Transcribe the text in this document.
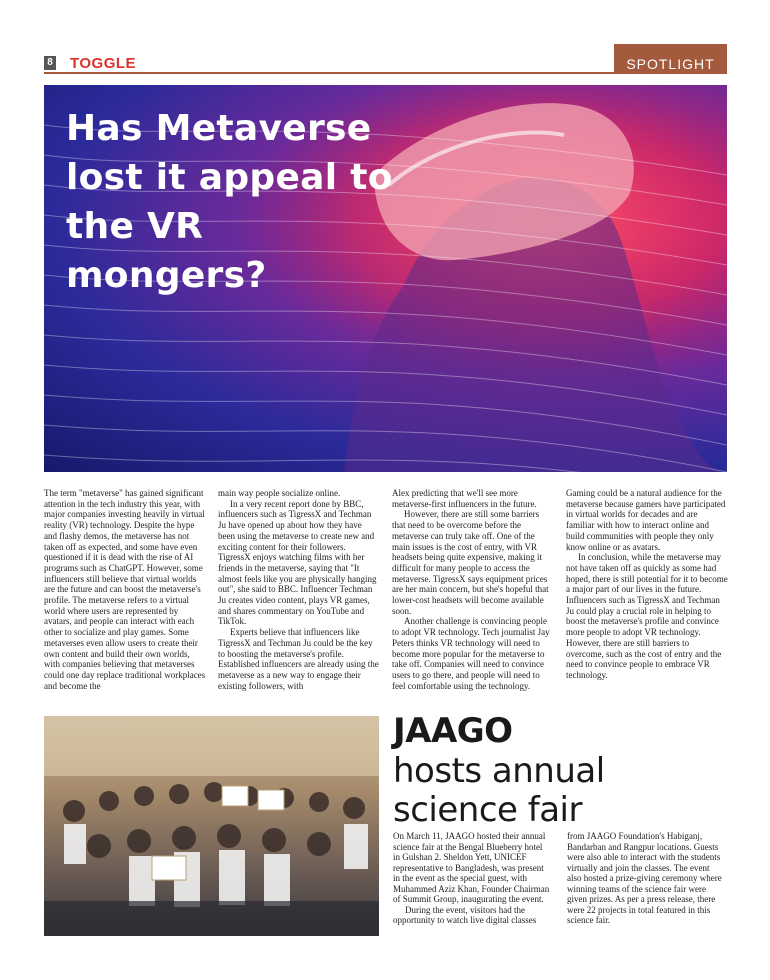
8 TOGGLE	SPOTLIGHT
Has Metaverse lost it appeal to the VR mongers?

The term "metaverse" has gained significant attention in the tech industry this year, with major companies investing heavily in virtual reality (VR) technology. Despite the hype and flashy demos, the metaverse has not taken off as expected, and some have even questioned if it is dead with the rise of AI programs such as ChatGPT. However, some influencers still believe that virtual worlds are the future and can boost the metaverse's profile. The metaverse refers to a virtual world where users are represented by avatars, and people can interact with each other to socialize and play games. Some metaverses even allow users to create their own content and build their own worlds, with companies believing that metaverses could one day replace traditional workplaces and become the

main way people socialize online.

In a very recent report done by BBC, influencers such as TigressX and Techman Ju have opened up about how they have been using the metaverse to create new and exciting content for their followers. TigressX enjoys watching films with her friends in the metaverse, saying that "It almost feels like you are physically hanging out", she said to BBC. Influencer Techman Ju creates video content, plays VR games, and shares commentary on YouTube and TikTok.

Experts believe that influencers like TigressX and Techman Ju could be the key to boosting the metaverse's profile. Established influencers are already using the metaverse as a new way to engage their existing followers, with

Alex predicting that we'll see more metaverse-first influencers in the future.

However, there are still some barriers that need to be overcome before the metaverse can truly take off. One of the main issues is the cost of entry, with VR headsets being quite expensive, making it difficult for many people to access the metaverse. TigressX says equipment prices are her main concern, but she's hopeful that lower-cost headsets will become available soon.

Another challenge is convincing people to adopt VR technology. Tech journalist Jay Peters thinks VR technology will need to become more popular for the metaverse to take off. Companies will need to convince users to go there, and people will need to feel comfortable using the technology.

Gaming could be a natural audience for the metaverse because gamers have participated in virtual worlds for decades and are familiar with how to interact online and build communities with people they only know online or as avatars.

In conclusion, while the metaverse may not have taken off as quickly as some had hoped, there is still potential for it to become a major part of our lives in the future. Influencers such as TigressX and Techman Ju could play a crucial role in helping to boost the metaverse's profile and convince more people to adopt VR technology. However, there are still barriers to overcome, such as the cost of entry and the need to convince people to embrace VR technology.

JAAGO
hosts annual science fair

On March 11, JAAGO hosted their annual science fair at the Bengal Blueberry hotel in Gulshan 2. Sheldon Yett, UNICEF representative to Bangladesh, was present in the event as the special guest, with Muhammed Aziz Khan, Founder Chairman of Summit Group, inaugurating the event.

During the event, visitors had the opportunity to watch live digital classes

from JAAGO Foundation's Habiganj, Bandarban and Rangpur locations. Guests were also able to interact with the students virtually and join the classes. The event also hosted a prize-giving ceremony where winning teams of the science fair were given prizes. As per a press release, there were 22 projects in total featured in this science fair.
